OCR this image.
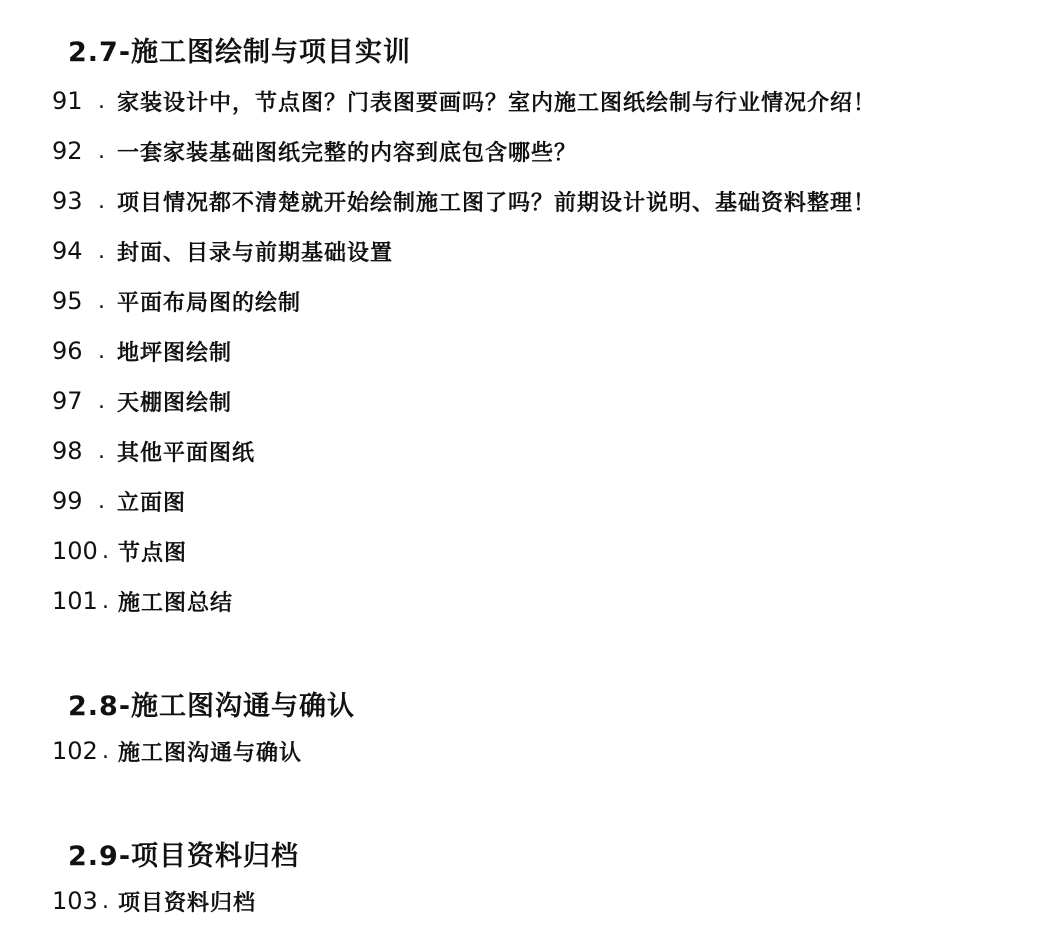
2.7-施工图绘制与项目实训
91 . 家装设计中，节点图？门表图要画吗？室内施工图纸绘制与行业情况介绍！
92 . 一套家装基础图纸完整的内容到底包含哪些？
93 . 项目情况都不清楚就开始绘制施工图了吗？前期设计说明、基础资料整理！
94 . 封面、目录与前期基础设置
95 . 平面布局图的绘制
96 . 地坪图绘制
97 . 天棚图绘制
98 . 其他平面图纸
99 . 立面图
100 . 节点图
101 . 施工图总结
2.8-施工图沟通与确认
102 . 施工图沟通与确认
2.9-项目资料归档
103 . 项目资料归档
